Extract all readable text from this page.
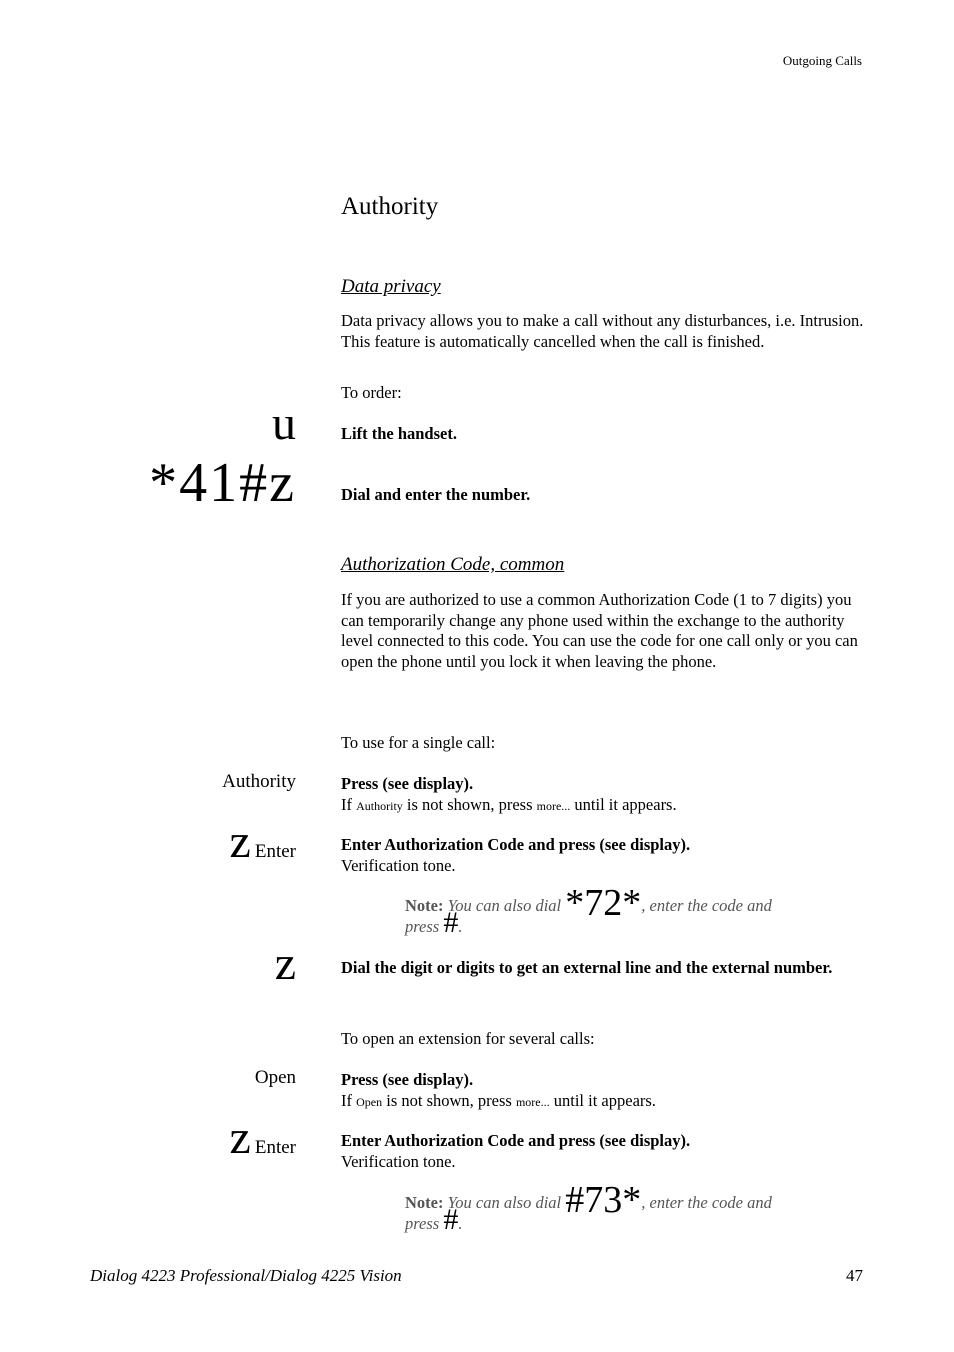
Outgoing Calls
Authority
Data privacy
Data privacy allows you to make a call without any disturbances, i.e. Intrusion. This feature is automatically cancelled when the call is finished.
To order:
u	Lift the handset.
*41#z	Dial and enter the number.
Authorization Code, common
If you are authorized to use a common Authorization Code (1 to 7 digits) you can temporarily change any phone used within the exchange to the authority level connected to this code. You can use the code for one call only or you can open the phone until you lock it when leaving the phone.
To use for a single call:
Authority	Press (see display).
If Authority is not shown, press more... until it appears.
z Enter	Enter Authorization Code and press (see display).
Verification tone.
Note: You can also dial *72*, enter the code and press #.
z	Dial the digit or digits to get an external line and the external number.
To open an extension for several calls:
Open	Press (see display).
If Open is not shown, press more... until it appears.
z Enter	Enter Authorization Code and press (see display).
Verification tone.
Note: You can also dial #73*, enter the code and press #.
Dialog 4223 Professional/Dialog 4225 Vision	47
